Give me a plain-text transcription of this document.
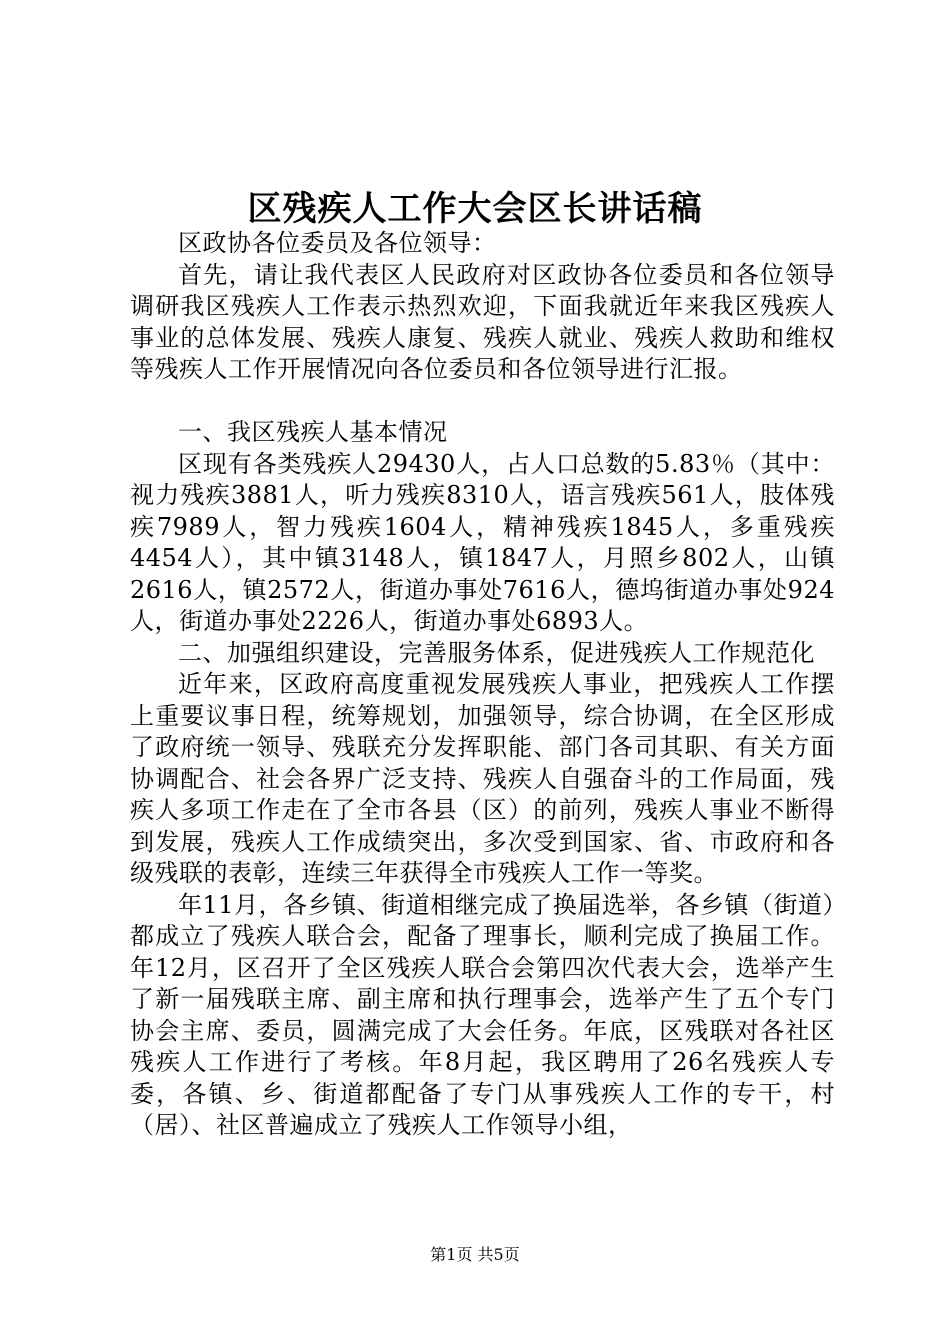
区残疾人工作大会区长讲话稿

区政协各位委员及各位领导：

首先，请让我代表区人民政府对区政协各位委员和各位领导调研我区残疾人工作表示热烈欢迎，下面我就近年来我区残疾人事业的总体发展、残疾人康复、残疾人就业、残疾人救助和维权等残疾人工作开展情况向各位委员和各位领导进行汇报。

一、我区残疾人基本情况

区现有各类残疾人29430人，占人口总数的5.83％（其中：视力残疾3881人，听力残疾8310人，语言残疾561人，肢体残疾7989人，智力残疾1604人，精神残疾1845人，多重残疾4454人），其中镇3148人，镇1847人，月照乡802人，山镇2616人，镇2572人，街道办事处7616人，德坞街道办事处924人，街道办事处2226人，街道办事处6893人。

二、加强组织建设，完善服务体系，促进残疾人工作规范化

近年来，区政府高度重视发展残疾人事业，把残疾人工作摆上重要议事日程，统筹规划，加强领导，综合协调，在全区形成了政府统一领导、残联充分发挥职能、部门各司其职、有关方面协调配合、社会各界广泛支持、残疾人自强奋斗的工作局面，残疾人多项工作走在了全市各县（区）的前列，残疾人事业不断得到发展，残疾人工作成绩突出，多次受到国家、省、市政府和各级残联的表彰，连续三年获得全市残疾人工作一等奖。

年11月，各乡镇、街道相继完成了换届选举，各乡镇（街道）都成立了残疾人联合会，配备了理事长，顺利完成了换届工作。年12月，区召开了全区残疾人联合会第四次代表大会，选举产生了新一届残联主席、副主席和执行理事会，选举产生了五个专门协会主席、委员，圆满完成了大会任务。年底，区残联对各社区残疾人工作进行了考核。年8月起，我区聘用了26名残疾人专委，各镇、乡、街道都配备了专门从事残疾人工作的专干，村（居）、社区普遍成立了残疾人工作领导小组，

第1页 共5页
